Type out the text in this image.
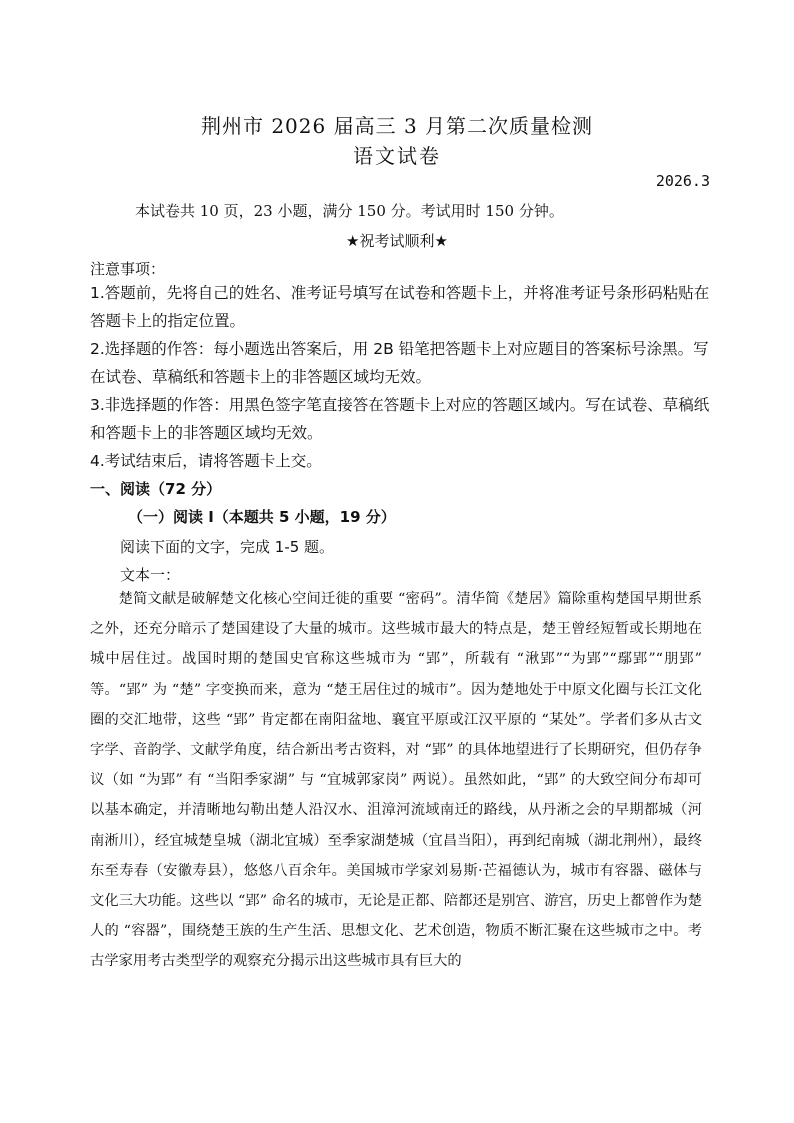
荆州市 2026 届高三 3 月第二次质量检测
语文试卷
2026.3
本试卷共 10 页，23 小题，满分 150 分。考试用时 150 分钟。
★祝考试顺利★
注意事项：

1.答题前，先将自己的姓名、准考证号填写在试卷和答题卡上，并将准考证号条形码粘贴在答题卡上的指定位置。

2.选择题的作答：每小题选出答案后，用 2B 铅笔把答题卡上对应题目的答案标号涂黑。写在试卷、草稿纸和答题卡上的非答题区域均无效。

3.非选择题的作答：用黑色签字笔直接答在答题卡上对应的答题区域内。写在试卷、草稿纸和答题卡上的非答题区域均无效。

4.考试结束后，请将答题卡上交。

一、阅读（72 分）
（一）阅读 Ⅰ（本题共 5 小题，19 分）
阅读下面的文字，完成 1-5 题。
文本一：

楚简文献是破解楚文化核心空间迁徙的重要 “密码”。清华简《楚居》篇除重构楚国早期世系之外，还充分暗示了楚国建设了大量的城市。这些城市最大的特点是，楚王曾经短暂或长期地在城中居住过。战国时期的楚国史官称这些城市为 “郢”，所载有 “湫郢”“为郢”“鄢郢”“朋郢” 等。“郢” 为 “楚” 字变换而来，意为 “楚王居住过的城市”。因为楚地处于中原文化圈与长江文化圈的交汇地带，这些 “郢” 肯定都在南阳盆地、襄宜平原或江汉平原的 “某处”。学者们多从古文字学、音韵学、文献学角度，结合新出考古资料，对 “郢” 的具体地望进行了长期研究，但仍存争议（如 “为郢” 有 “当阳季家湖” 与 “宜城郭家岗” 两说）。虽然如此，“郢” 的大致空间分布却可以基本确定，并清晰地勾勒出楚人沿汉水、沮漳河流域南迁的路线，从丹淅之会的早期都城（河南淅川），经宜城楚皇城（湖北宜城）至季家湖楚城（宜昌当阳），再到纪南城（湖北荆州），最终东至寿春（安徽寿县），悠悠八百余年。美国城市学家刘易斯·芒福德认为，城市有容器、磁体与文化三大功能。这些以 “郢” 命名的城市，无论是正都、陪都还是别宫、游宫，历史上都曾作为楚人的 “容器”，围绕楚王族的生产生活、思想文化、艺术创造，物质不断汇聚在这些城市之中。考古学家用考古类型学的观察充分揭示出这些城市具有巨大的
